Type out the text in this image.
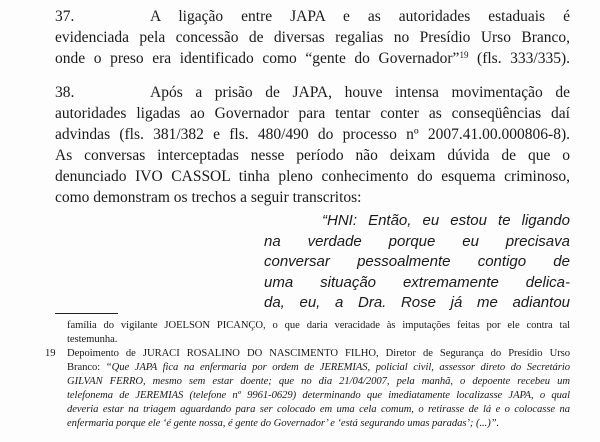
37.	A ligação entre JAPA e as autoridades estaduais é
evidenciada pela concessão de diversas regalias no Presídio Urso Branco,
onde o preso era identificado como “gente do Governador”$^{19}$ (fls. 333/335).
38.	Após a prisão de JAPA, houve intensa movimentação de
autoridades ligadas ao Governador para tentar conter as conseqüências daí
advindas (fls. 381/382 e fls. 480/490 do processo nº 2007.41.00.000806-8).
As conversas interceptadas nesse período não deixam dúvida de que o
denunciado IVO CASSOL tinha pleno conhecimento do esquema criminoso,
como demonstram os trechos a seguir transcritos:
“HNI: Então, eu estou te ligando
na verdade porque eu precisava
conversar pessoalmente contigo de
uma situação extremamente delica-
da, eu, a Dra. Rose já me adiantou
família do vigilante JOELSON PICANÇO, o que daria veracidade às imputações feitas por ele contra tal
testemunha.
19 Depoimento de JURACI ROSALINO DO NASCIMENTO FILHO, Diretor de Segurança do Presídio Urso
Branco: “Que JAPA fica na enfermaria por ordem de JEREMIAS, policial civil, assessor direto do Secretário
GILVAN FERRO, mesmo sem estar doente; que no dia 21/04/2007, pela manhã, o depoente recebeu um
telefonema de JEREMIAS (telefone nº 9961-0629) determinando que imediatamente localizasse JAPA, o qual
deveria estar na triagem aguardando para ser colocado em uma cela comum, o retirasse de lá e o colocasse na
enfermaria porque ele ‘é gente nossa, é gente do Governador’ e ‘está segurando umas paradas’; (...)”.
